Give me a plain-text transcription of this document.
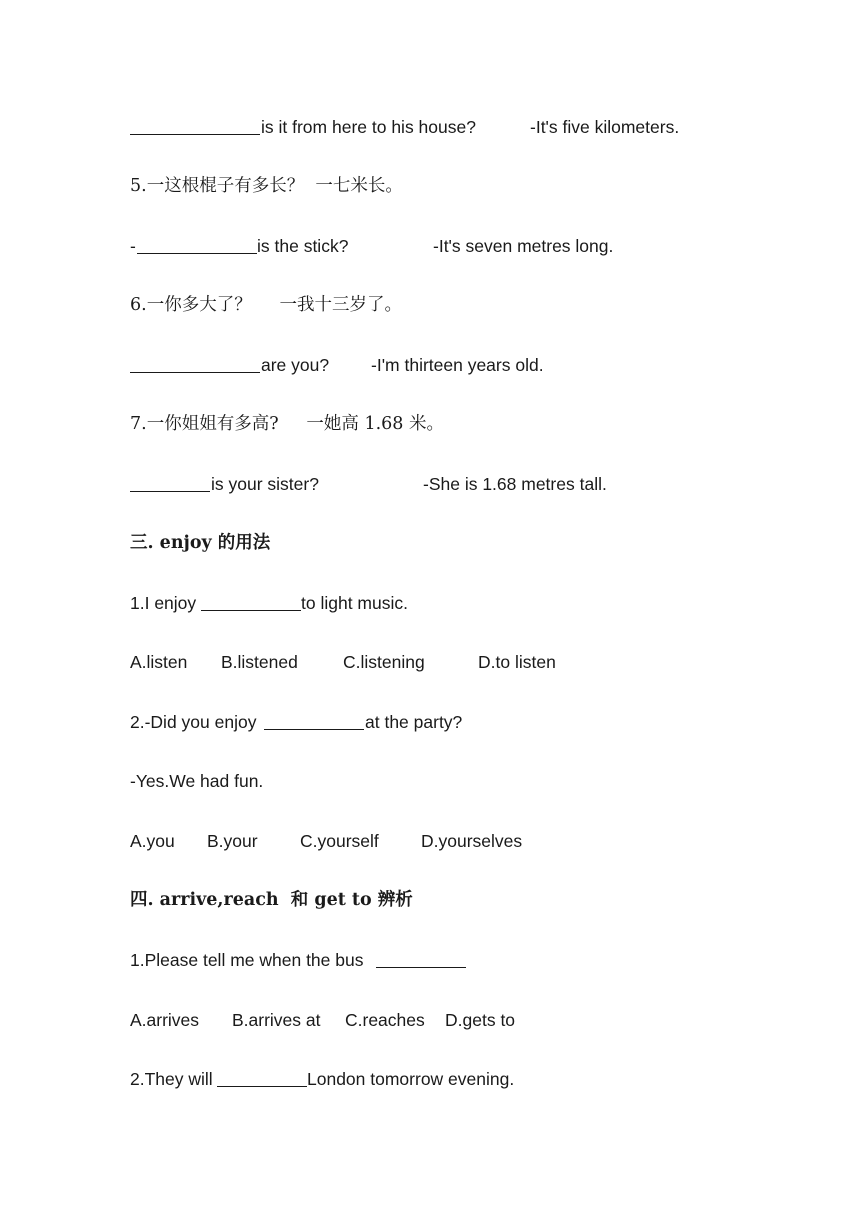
is it from here to his house?

	-It's five kilometers.

5.一这根棍子有多长？  一七米长。

-

	is the stick?

	-It's seven metres long.

6.一你多大了？     一我十三岁了。

are you?

-I'm thirteen years old.

7.一你姐姐有多高?     一她高 1.68 米。

is your sister?

	-She is 1.68 metres tall.

三. enjoy 的用法

1.I enjoy

	to light music.

A.listen

B.listened

	C.listening

	D.to listen

2.-Did you enjoy

	at the party?

-Yes.We had fun.

A.you

B.your

C.yourself

D.yourselves

四. arrive,reach  和 get to 辨析

1.Please tell me when the bus

A.arrives

B.arrives at

C.reaches

D.gets to

2.They will

	London tomorrow evening.
